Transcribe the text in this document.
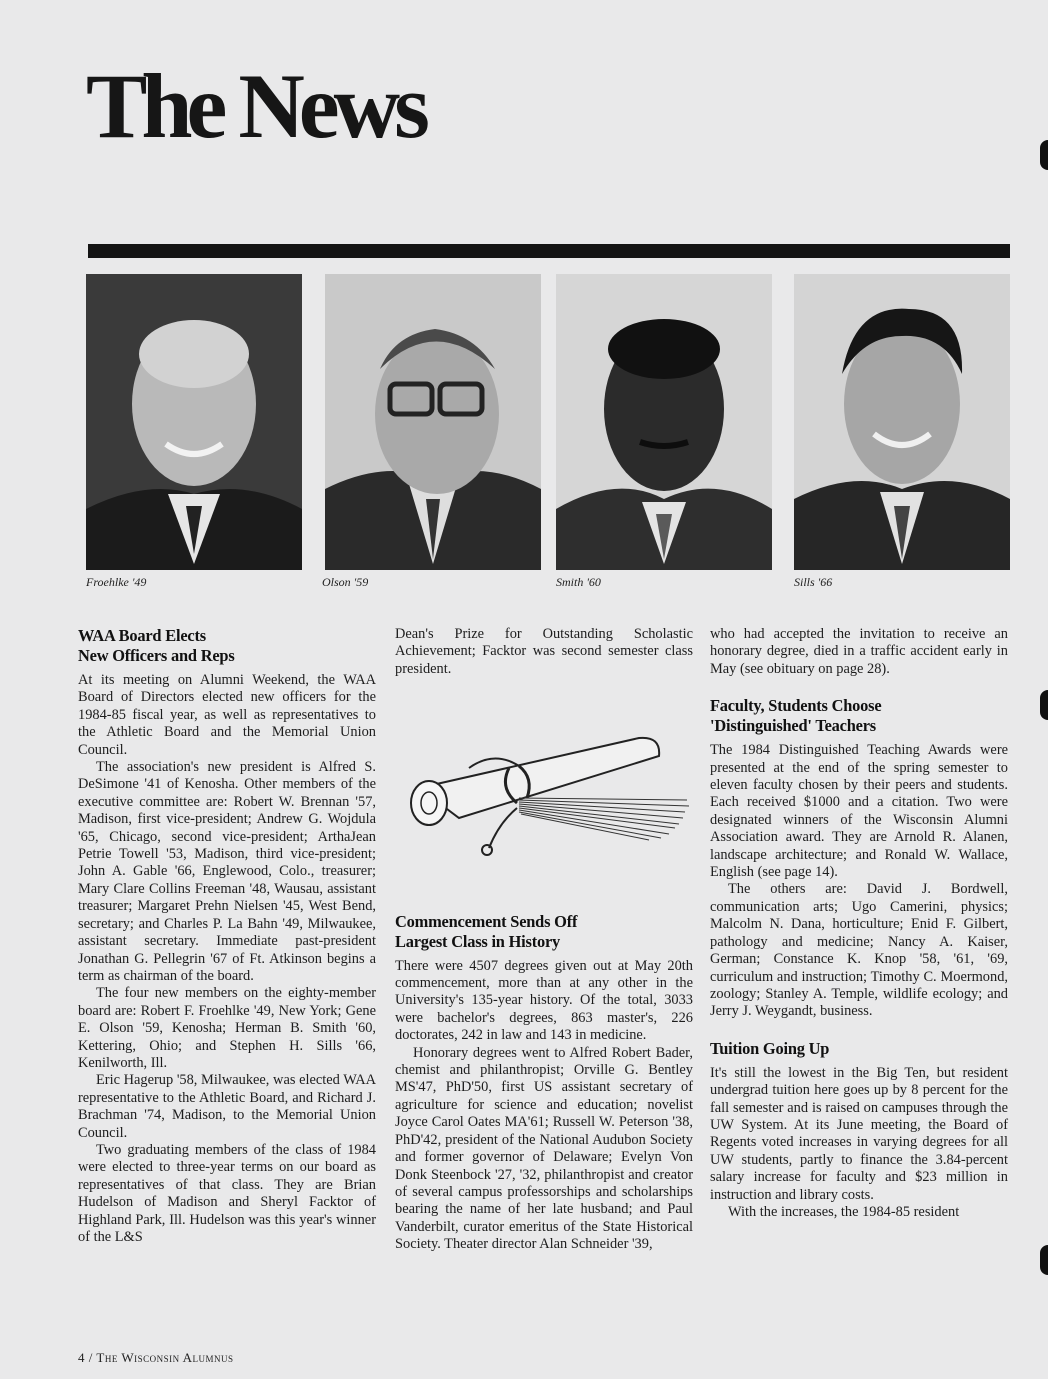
The News

Froehlke '49	Olson '59	Smith '60	Sills '66

WAA Board Elects
New Officers and Reps

At its meeting on Alumni Weekend, the WAA Board of Directors elected new officers for the 1984-85 fiscal year, as well as representatives to the Athletic Board and the Memorial Union Council.

The association's new president is Alfred S. DeSimone '41 of Kenosha. Other members of the executive committee are: Robert W. Brennan '57, Madison, first vice-president; Andrew G. Wojdula '65, Chicago, second vice-president; ArthaJean Petrie Towell '53, Madison, third vice-president; John A. Gable '66, Englewood, Colo., treasurer; Mary Clare Collins Freeman '48, Wausau, assistant treasurer; Margaret Prehn Nielsen '45, West Bend, secretary; and Charles P. La Bahn '49, Milwaukee, assistant secretary. Immediate past-president Jonathan G. Pellegrin '67 of Ft. Atkinson begins a term as chairman of the board.

The four new members on the eighty-member board are: Robert F. Froehlke '49, New York; Gene E. Olson '59, Kenosha; Herman B. Smith '60, Kettering, Ohio; and Stephen H. Sills '66, Kenilworth, Ill.

Eric Hagerup '58, Milwaukee, was elected WAA representative to the Athletic Board, and Richard J. Brachman '74, Madison, to the Memorial Union Council.

Two graduating members of the class of 1984 were elected to three-year terms on our board as representatives of that class. They are Brian Hudelson of Madison and Sheryl Facktor of Highland Park, Ill. Hudelson was this year's winner of the L&S

Dean's Prize for Outstanding Scholastic Achievement; Facktor was second semester class president.

Commencement Sends Off
Largest Class in History

There were 4507 degrees given out at May 20th commencement, more than at any other in the University's 135-year history. Of the total, 3033 were bachelor's degrees, 863 master's, 226 doctorates, 242 in law and 143 in medicine.

Honorary degrees went to Alfred Robert Bader, chemist and philanthropist; Orville G. Bentley MS'47, PhD'50, first US assistant secretary of agriculture for science and education; novelist Joyce Carol Oates MA'61; Russell W. Peterson '38, PhD'42, president of the National Audubon Society and former governor of Delaware; Evelyn Von Donk Steenbock '27, '32, philanthropist and creator of several campus professorships and scholarships bearing the name of her late husband; and Paul Vanderbilt, curator emeritus of the State Historical Society. Theater director Alan Schneider '39,

who had accepted the invitation to receive an honorary degree, died in a traffic accident early in May (see obituary on page 28).

Faculty, Students Choose
'Distinguished' Teachers

The 1984 Distinguished Teaching Awards were presented at the end of the spring semester to eleven faculty chosen by their peers and students. Each received $1000 and a citation. Two were designated winners of the Wisconsin Alumni Association award. They are Arnold R. Alanen, landscape architecture; and Ronald W. Wallace, English (see page 14).

The others are: David J. Bordwell, communication arts; Ugo Camerini, physics; Malcolm N. Dana, horticulture; Enid F. Gilbert, pathology and medicine; Nancy A. Kaiser, German; Constance K. Knop '58, '61, '69, curriculum and instruction; Timothy C. Moermond, zoology; Stanley A. Temple, wildlife ecology; and Jerry J. Weygandt, business.

Tuition Going Up

It's still the lowest in the Big Ten, but resident undergrad tuition here goes up by 8 percent for the fall semester and is raised on campuses through the UW System. At its June meeting, the Board of Regents voted increases in varying degrees for all UW students, partly to finance the 3.84-percent salary increase for faculty and $23 million in instruction and library costs.

With the increases, the 1984-85 resident

4 / The Wisconsin Alumnus
